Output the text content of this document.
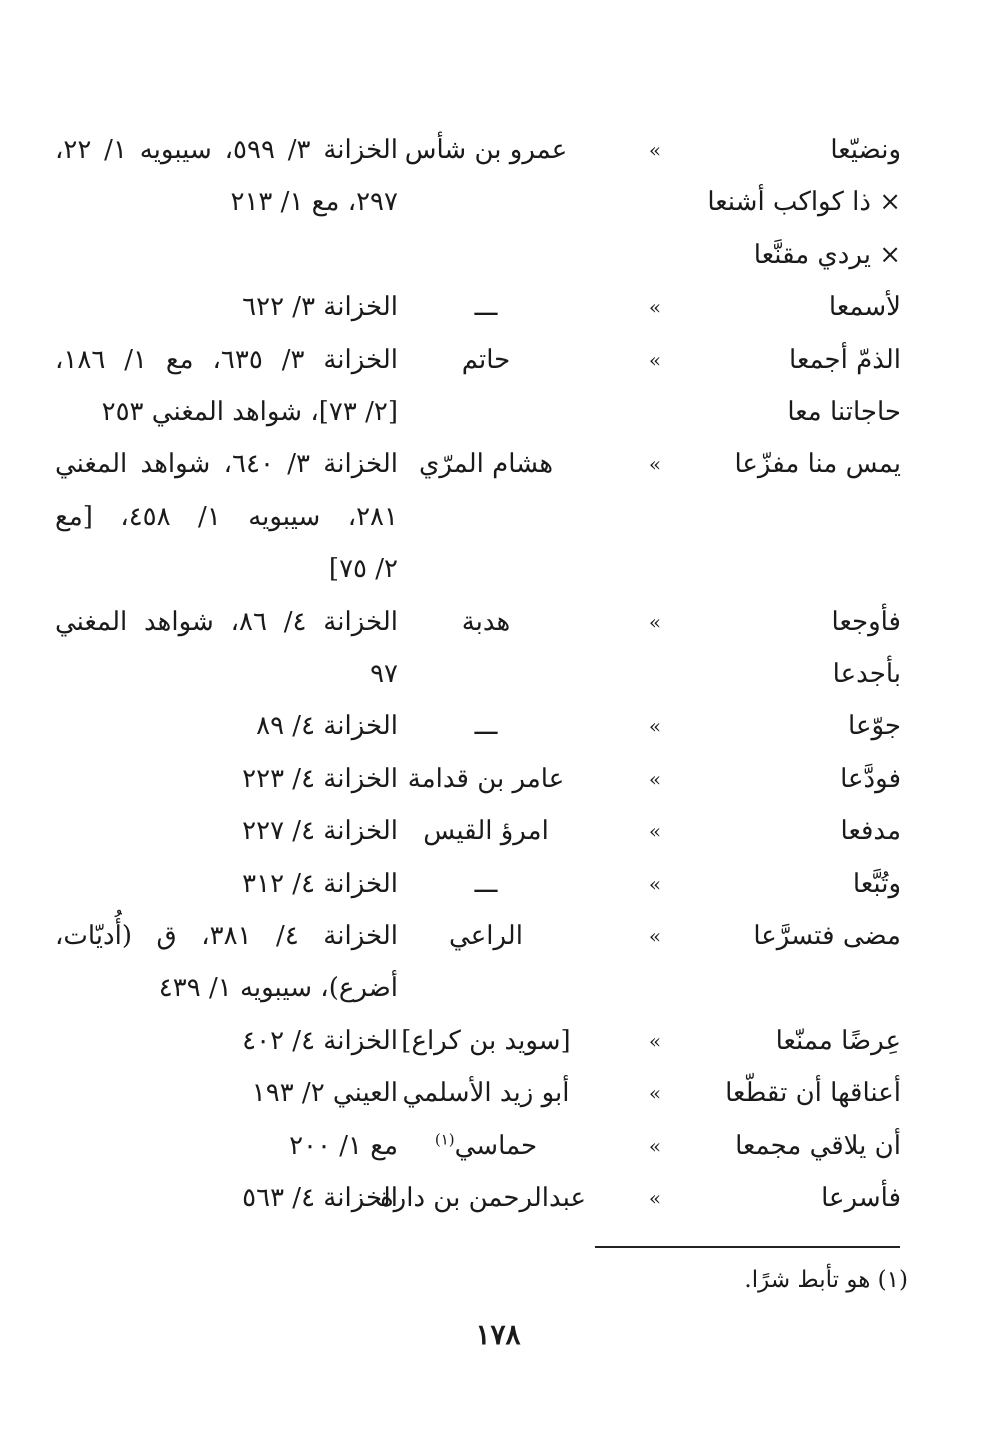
ونضيّعا
»
عمرو بن شأس
الخزانة ٣/ ٥٩٩، سيبويه ١/ ٢٢،
× ذا كواكب أشنعا
٢٩٧، مع ١/ ٢١٣
× يردي مقنَّعا
لأسمعا
»
ـــ
الخزانة ٣/ ٦٢٢
الذمّ أجمعا
»
حاتم
الخزانة ٣/ ٦٣٥، مع ١/ ١٨٦،
حاجاتنا معا
[٢/ ٧٣]، شواهد المغني ٢٥٣
يمس منا مفزّعا
»
هشام المرّي
الخزانة ٣/ ٦٤٠، شواهد المغني
٢٨١، سيبويه ١/ ٤٥٨، [مع
٢/ ٧٥]
فأوجعا
»
هدبة
الخزانة ٤/ ٨٦، شواهد المغني
بأجدعا
٩٧
جوّعا
»
ـــ
الخزانة ٤/ ٨٩
فودَّعا
»
عامر بن قدامة
الخزانة ٤/ ٢٢٣
مدفعا
»
امرؤ القيس
الخزانة ٤/ ٢٢٧
وتُبَّعا
»
ـــ
الخزانة ٤/ ٣١٢
مضى فتسرَّعا
»
الراعي
الخزانة ٤/ ٣٨١، ق (أُديّات،
أضرع)، سيبويه ١/ ٤٣٩
عِرضًا ممنّعا
»
[سويد بن كراع]
الخزانة ٤/ ٤٠٢
أعناقها أن تقطّعا
»
أبو زيد الأسلمي
العيني ٢/ ١٩٣
أن يلاقي مجمعا
»
حماسي$^{(١)}$
مع ١/ ٢٠٠
فأسرعا
»
عبدالرحمن بن دارة
الخزانة ٤/ ٥٦٣
(١) هو تأبط شرًا.
١٧٨
